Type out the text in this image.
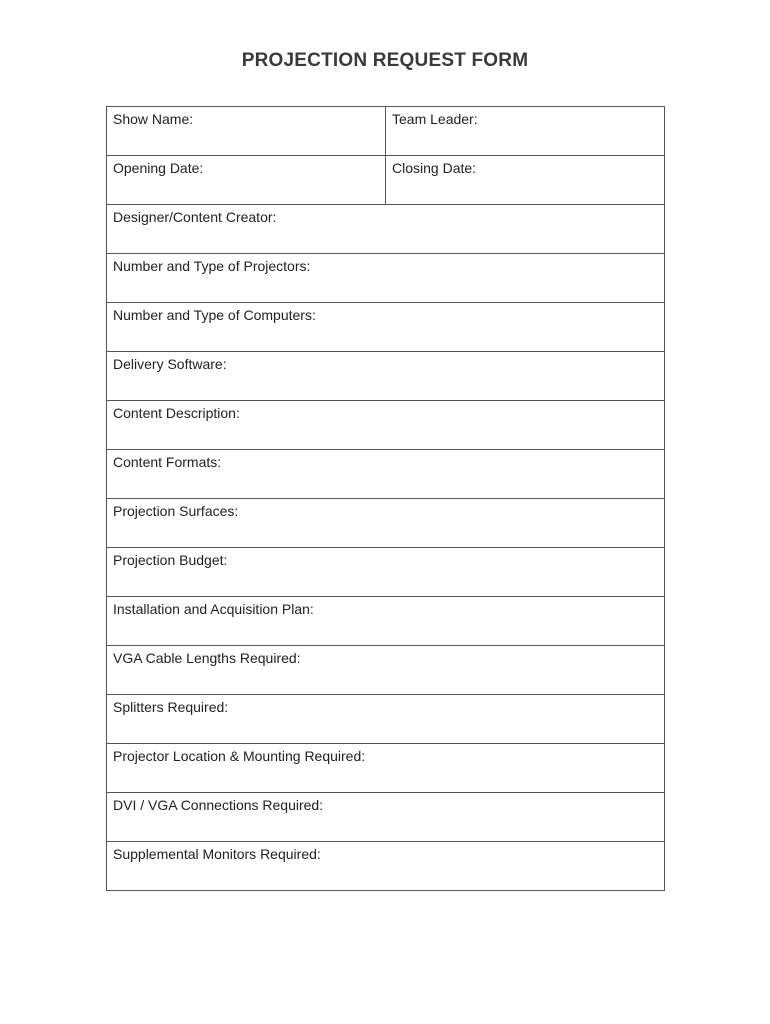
PROJECTION REQUEST FORM
Show Name:	Team Leader:
Opening Date:	Closing Date:
Designer/Content Creator:	
Number and Type of Projectors:	
Number and Type of Computers:	
Delivery Software:	
Content Description:	
Content Formats:	
Projection Surfaces:	
Projection Budget:	
Installation and Acquisition Plan:	
VGA Cable Lengths Required:	
Splitters Required:	
Projector Location & Mounting Required:	
DVI / VGA Connections Required:	
Supplemental Monitors Required:	
